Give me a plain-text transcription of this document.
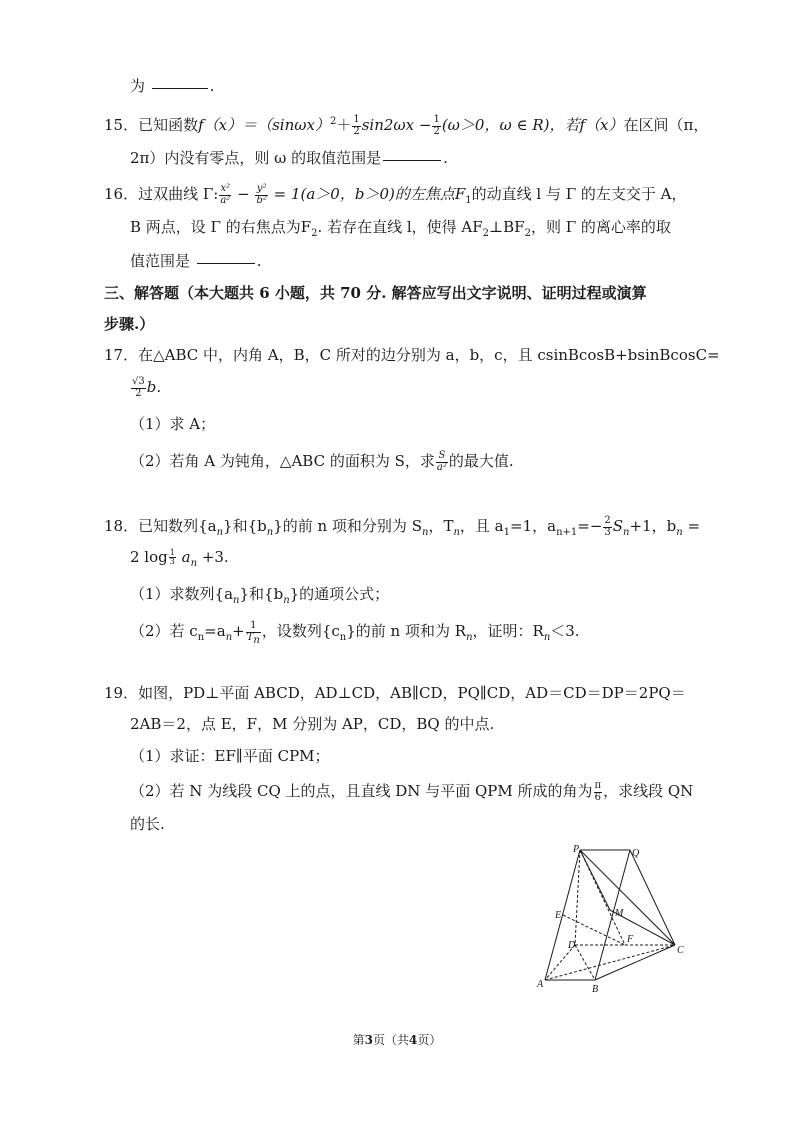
为	.
15．已知函数$f(x)=(\sin\omega x)^2+ \frac{1}{2} \sin 2\omega x - \frac{1}{2} (\omega>0$，ω ∈ R)，若f（x）在区间（π，
2π）内没有零点，则 ω 的取值范围是	.
16．过双曲线 Γ: $\frac{\text{x²}}{\text{a²}} - \frac{\text{y²}}{\text{b²}} = 1(a>0$，b＞0)的左焦点$F_1$的动直线 l 与 Γ 的左支交于 A，
B 两点，设 Γ 的右焦点为$F_2$. 若存在直线 l，使得 $AF_2\perp BF_2$，则 Γ 的离心率的取
值范围是	.
三、解答题（本大题共 6 小题，共 70 分. 解答应写出文字说明、证明过程或演算
步骤.）
17．在△ABC 中，内角 A，B，C 所对的边分别为 a，b，c，且 csinBcosB+bsinBcosC=
$\frac{√3}{2} b$.
（1）求 A；
（2）若角 A 为钝角，△ABC 的面积为 S，求 $\frac{S}{\text{a²}}$ 的最大值.
18．已知数列$\{a_n\}$和$\{b_n\}$的前 n 项和分别为 $S_n$，$T_n$，且 $a_1=1$，$a_{n+1}=- \frac{2}{3} S_n+1$，$b_n$ =
2 $\log \frac{1}{3} a_n +3$.
（1）求数列$\{a_n\}$和$\{b_n\}$的通项公式；
（2）若 $c_n=a_n+ \frac{1}{T_n}$ ，设数列$\{c_n\}$的前 n 项和为 $R_n$，证明：$R_n<3$.
19．如图，PD⊥平面 ABCD，AD⊥CD，AB∥CD，PQ∥CD，AD＝CD＝DP＝2PQ＝
2AB＝2，点 E，F，M 分别为 AP，CD，BQ 的中点.
（1）求证：EF∥平面 CPM；
（2）若 N 为线段 CQ 上的点，且直线 DN 与平面 QPM 所成的角为 $\frac{\pi}{6}$ ，求线段 QN
的长.
P	Q
E	M
D
F
C
A	B
第3页（共4页）
